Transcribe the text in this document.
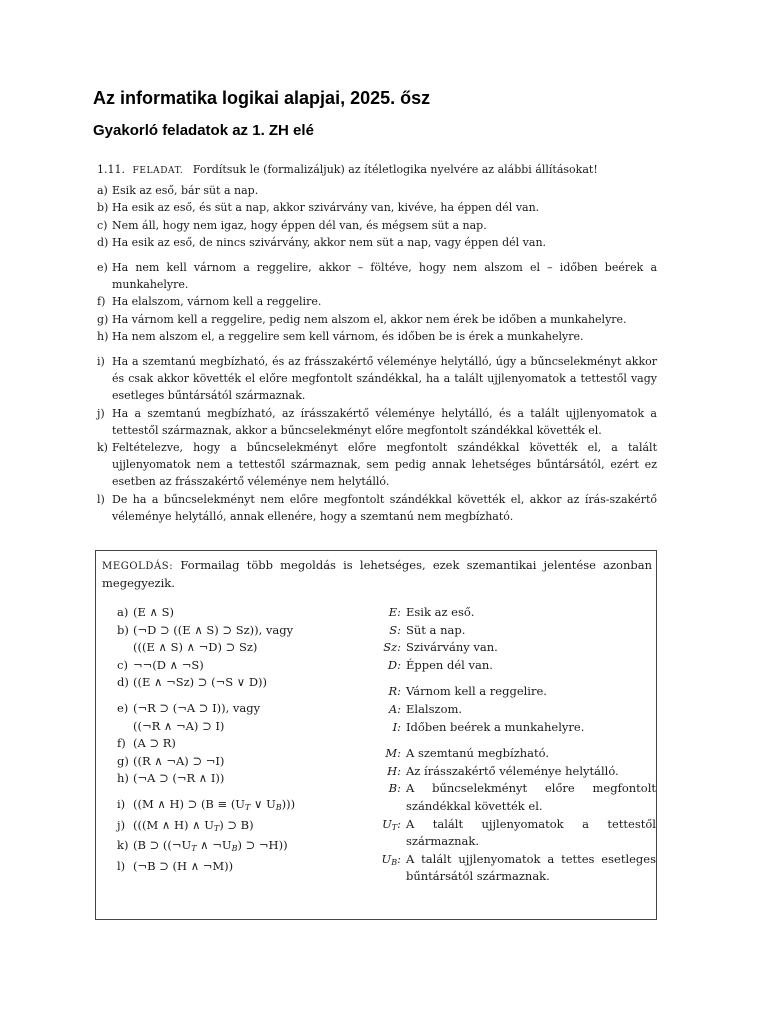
Az informatika logikai alapjai, 2025. ősz
Gyakorló feladatok az 1. ZH elé
1.11. FELADAT. Fordítsuk le (formalizáljuk) az ítéletlogika nyelvére az alábbi állításokat!
a) Esik az eső, bár süt a nap.
b) Ha esik az eső, és süt a nap, akkor szivárvány van, kivéve, ha éppen dél van.
c) Nem áll, hogy nem igaz, hogy éppen dél van, és mégsem süt a nap.
d) Ha esik az eső, de nincs szivárvány, akkor nem süt a nap, vagy éppen dél van.
e) Ha nem kell várnom a reggelire, akkor – föltéve, hogy nem alszom el – időben beérek a munkahelyre.
f) Ha elalszom, várnom kell a reggelire.
g) Ha várnom kell a reggelire, pedig nem alszom el, akkor nem érek be időben a munkahelyre.
h) Ha nem alszom el, a reggelire sem kell várnom, és időben be is érek a munkahelyre.
i) Ha a szemtanú megbízható, és az frásszakértő véleménye helytálló, úgy a bűncselekményt akkor és csak akkor követték el előre megfontolt szándékkal, ha a talált ujjlenyomatok a tettestől vagy esetleges bűntársától származnak.
j) Ha a szemtanú megbízható, az írásszakértő véleménye helytálló, és a talált ujjlenyomatok a tettestől származnak, akkor a bűncselekményt előre megfontolt szándékkal követték el.
k) Feltételezve, hogy a bűncselekményt előre megfontolt szándékkal követték el, a talált ujjlenyomatok nem a tettestől származnak, sem pedig annak lehetséges bűntársától, ezért ez esetben az frásszakértő véleménye nem helytálló.
l) De ha a bűncselekményt nem előre megfontolt szándékkal követték el, akkor az írás-szakértő véleménye helytálló, annak ellenére, hogy a szemtanú nem megbízható.
MEGOLDÁS: Formailag több megoldás is lehetséges, ezek szemantikai jelentése azonban megegyezik.
a) (E ∧ S)
b) (¬D ⊃ ((E ∧ S) ⊃ Sz)), vagy
(((E ∧ S) ∧ ¬D) ⊃ Sz)
c) ¬¬(D ∧ ¬S)
d) ((E ∧ ¬Sz) ⊃ (¬S ∨ D))
e) (¬R ⊃ (¬A ⊃ I)), vagy
((¬R ∧ ¬A) ⊃ I)
f) (A ⊃ R)
g) ((R ∧ ¬A) ⊃ ¬I)
h) (¬A ⊃ (¬R ∧ I))
i) ((M ∧ H) ⊃ ($B \equiv (U_T$ ∨ $U_B$)))
j) (((M ∧ H) ∧ $U_T$) ⊃ B)
k) (B ⊃ (($\neg U_T$ ∧ $\neg U_B$) ⊃ ¬H))
l) (¬B ⊃ (H ∧ ¬M))
E: Esik az eső.
S: Süt a nap.
Sz: Szivárvány van.
D: Éppen dél van.
R: Várnom kell a reggelire.
A: Elalszom.
I: Időben beérek a munkahelyre.
M: A szemtanú megbízható.
H: Az írásszakértő véleménye helytálló.
B: A bűncselekményt előre megfontolt szándékkal követték el.
$U_T$: A talált ujjlenyomatok a tettestől származnak.
$U_B$: A talált ujjlenyomatok a tettes esetleges bűntársától származnak.
